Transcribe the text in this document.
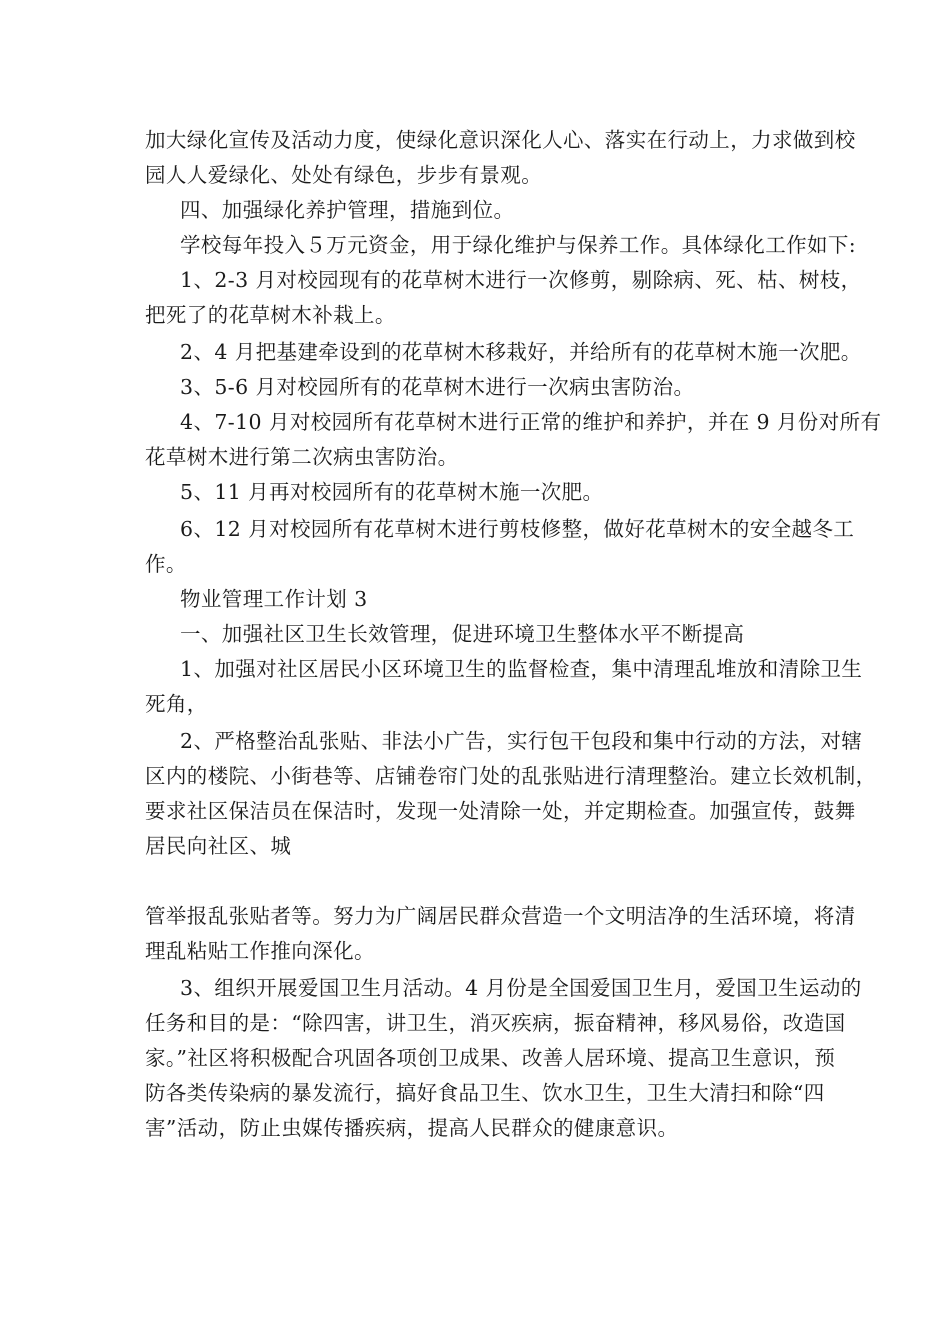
加大绿化宣传及活动力度，使绿化意识深化人心、落实在行动上，力求做到校
园人人爱绿化、处处有绿色，步步有景观。
四、加强绿化养护管理，措施到位。
学校每年投入５万元资金，用于绿化维护与保养工作。具体绿化工作如下:
1、2-3 月对校园现有的花草树木进行一次修剪，剔除病、死、枯、树枝，
把死了的花草树木补栽上。
2、4 月把基建牵设到的花草树木移栽好，并给所有的花草树木施一次肥。
3、5-6 月对校园所有的花草树木进行一次病虫害防治。
4、7-10 月对校园所有花草树木进行正常的维护和养护，并在 9 月份对所有
花草树木进行第二次病虫害防治。
5、11 月再对校园所有的花草树木施一次肥。
6、12 月对校园所有花草树木进行剪枝修整，做好花草树木的安全越冬工
作。
物业管理工作计划 3
一、加强社区卫生长效管理，促进环境卫生整体水平不断提高
1、加强对社区居民小区环境卫生的监督检查，集中清理乱堆放和清除卫生
死角，
2、严格整治乱张贴、非法小广告，实行包干包段和集中行动的方法，对辖
区内的楼院、小街巷等、店铺卷帘门处的乱张贴进行清理整治。建立长效机制，
要求社区保洁员在保洁时，发现一处清除一处，并定期检查。加强宣传，鼓舞
居民向社区、城
管举报乱张贴者等。努力为广阔居民群众营造一个文明洁净的生活环境，将清
理乱粘贴工作推向深化。
3、组织开展爱国卫生月活动。4 月份是全国爱国卫生月，爱国卫生运动的
任务和目的是：“除四害，讲卫生，消灭疾病，振奋精神，移风易俗，改造国
家。”社区将积极配合巩固各项创卫成果、改善人居环境、提高卫生意识，预
防各类传染病的暴发流行，搞好食品卫生、饮水卫生，卫生大清扫和除“四
害”活动，防止虫媒传播疾病，提高人民群众的健康意识。
